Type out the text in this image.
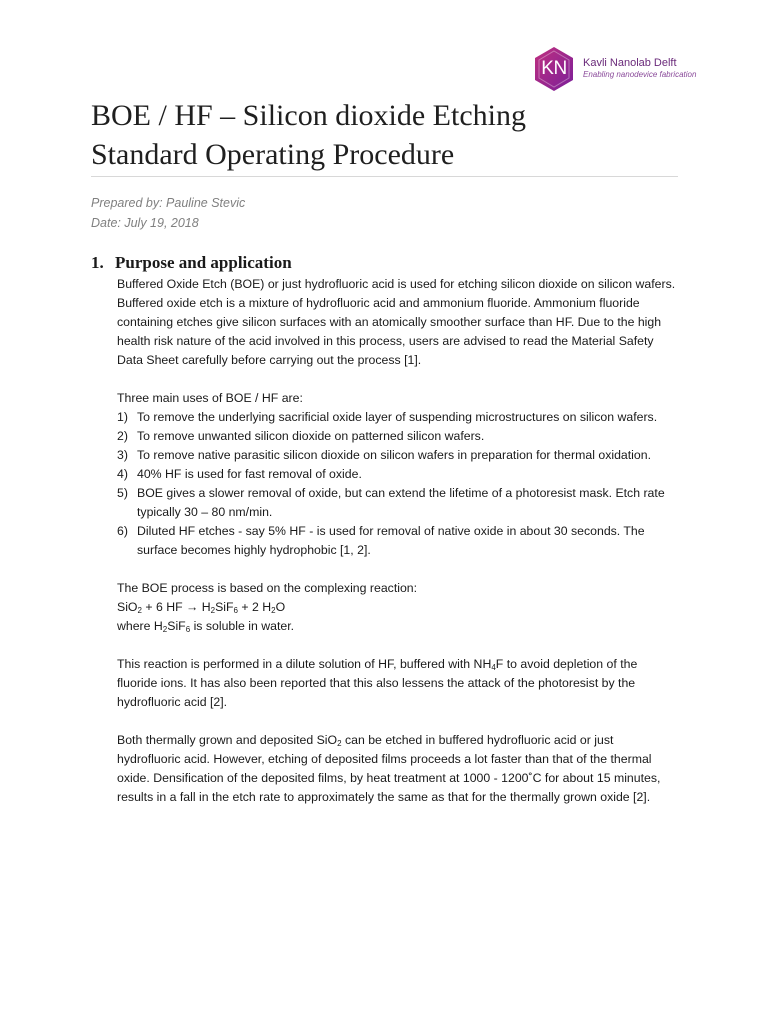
KN	Kavli Nanolab Delft
Enabling nanodevice fabrication
BOE / HF – Silicon dioxide Etching
Standard Operating Procedure
Prepared by: Pauline Stevic
Date: July 19, 2018
1. Purpose and application

Buffered Oxide Etch (BOE) or just hydrofluoric acid is used for etching silicon dioxide on silicon wafers. Buffered oxide etch is a mixture of hydrofluoric acid and ammonium fluoride. Ammonium fluoride containing etches give silicon surfaces with an atomically smoother surface than HF. Due to the high health risk nature of the acid involved in this process, users are advised to read the Material Safety Data Sheet carefully before carrying out the process [1].

Three main uses of BOE / HF are:

1) To remove the underlying sacrificial oxide layer of suspending microstructures on silicon wafers.
2) To remove unwanted silicon dioxide on patterned silicon wafers.
3) To remove native parasitic silicon dioxide on silicon wafers in preparation for thermal oxidation.
4) 40% HF is used for fast removal of oxide.
5) BOE gives a slower removal of oxide, but can extend the lifetime of a photoresist mask. Etch rate typically 30 – 80 nm/min.
6) Diluted HF etches - say 5% HF - is used for removal of native oxide in about 30 seconds. The surface becomes highly hydrophobic [1, 2].

The BOE process is based on the complexing reaction:

SiO$_2$ + 6 HF → $H_2SiF_6 + 2$ $H_2O$

where $H_2SiF_6$ is soluble in water.

This reaction is performed in a dilute solution of HF, buffered with $NH_4F$ to avoid depletion of the fluoride ions. It has also been reported that this also lessens the attack of the photoresist by the hydrofluoric acid [2].

Both thermally grown and deposited SiO$_2$ can be etched in buffered hydrofluoric acid or just hydrofluoric acid. However, etching of deposited films proceeds a lot faster than that of the thermal oxide. Densification of the deposited films, by heat treatment at 1000 - 1200˚C for about 15 minutes, results in a fall in the etch rate to approximately the same as that for the thermally grown oxide [2].
